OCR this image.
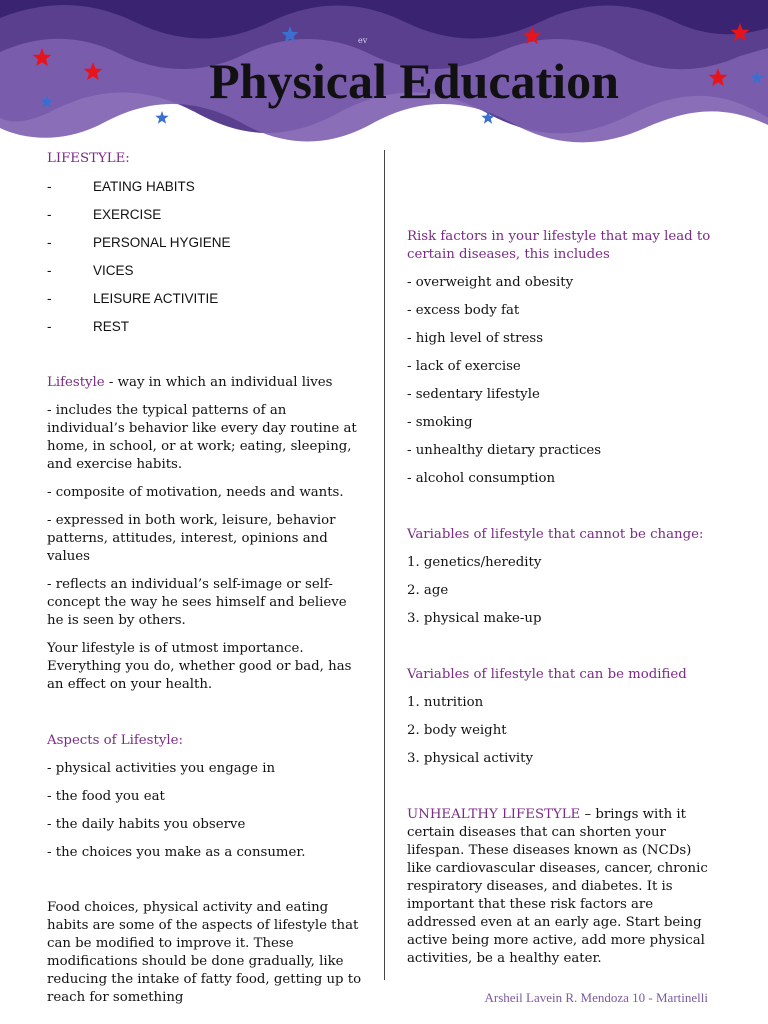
ev
Physical Education

LIFESTYLE:

-	EATING HABITS
-	EXERCISE
-	PERSONAL HYGIENE
-	VICES
-	LEISURE ACTIVITIE
-	REST

Lifestyle - way in which an individual lives

- includes the typical patterns of an individual’s behavior like every day routine at home, in school, or at work; eating, sleeping, and exercise habits.

- composite of motivation, needs and wants.

- expressed in both work, leisure, behavior patterns, attitudes, interest, opinions and values

- reflects an individual’s self-image or self-concept the way he sees himself and believe he is seen by others.

Your lifestyle is of utmost importance. Everything you do, whether good or bad, has an effect on your health.

Aspects of Lifestyle:

- physical activities you engage in

- the food you eat

- the daily habits you observe

- the choices you make as a consumer.

Food choices, physical activity and eating habits are some of the aspects of lifestyle that can be modified to improve it. These modifications should be done gradually, like reducing the intake of fatty food, getting up to reach for something

Risk factors in your lifestyle that may lead to certain diseases, this includes

- overweight and obesity

- excess body fat

- high level of stress

- lack of exercise

- sedentary lifestyle

- smoking

- unhealthy dietary practices

- alcohol consumption

Variables of lifestyle that cannot be change:

1. genetics/heredity

2. age

3. physical make-up

Variables of lifestyle that can be modified

1. nutrition

2. body weight

3. physical activity

UNHEALTHY LIFESTYLE – brings with it certain diseases that can shorten your lifespan. These diseases known as (NCDs) like cardiovascular diseases, cancer, chronic respiratory diseases, and diabetes. It is important that these risk factors are addressed even at an early age. Start being active being more active, add more physical activities, be a healthy eater.

Arsheil Lavein R. Mendoza 10 - Martinelli
